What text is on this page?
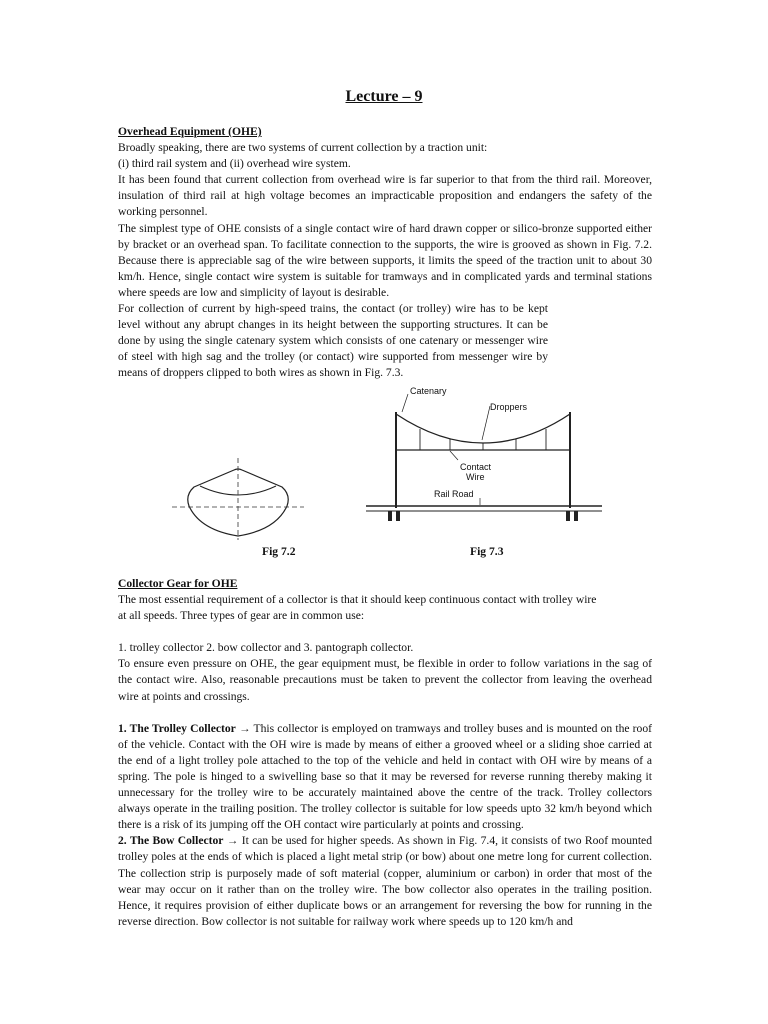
Lecture – 9

Overhead Equipment (OHE)

Broadly speaking, there are two systems of current collection by a traction unit:

(i) third rail system and (ii) overhead wire system.

It has been found that current collection from overhead wire is far superior to that from the third rail. Moreover, insulation of third rail at high voltage becomes an impracticable proposition and endangers the safety of the working personnel.

The simplest type of OHE consists of a single contact wire of hard drawn copper or silico-bronze supported either by bracket or an overhead span. To facilitate connection to the supports, the wire is grooved as shown in Fig. 7.2. Because there is appreciable sag of the wire between supports, it limits the speed of the traction unit to about 30 km/h. Hence, single contact wire system is suitable for tramways and in complicated yards and terminal stations where speeds are low and simplicity of layout is desirable.

For collection of current by high-speed trains, the contact (or trolley) wire has to be kept level without any abrupt changes in its height between the supporting structures. It can be done by using the single catenary system which consists of one catenary or messenger wire of steel with high sag and the trolley (or contact) wire supported from messenger wire by means of droppers clipped to both wires as shown in Fig. 7.3.

Catenary
Droppers
Contact
Wire
Rail Road
Fig 7.2	Fig 7.3

Collector Gear for OHE

The most essential requirement of a collector is that it should keep continuous contact with trolley wire

at all speeds. Three types of gear are in common use:

1. trolley collector 2. bow collector and 3. pantograph collector.

To ensure even pressure on OHE, the gear equipment must, be flexible in order to follow variations in the sag of the contact wire. Also, reasonable precautions must be taken to prevent the collector from leaving the overhead wire at points and crossings.

1. The Trolley Collector → This collector is employed on tramways and trolley buses and is mounted on the roof of the vehicle. Contact with the OH wire is made by means of either a grooved wheel or a sliding shoe carried at the end of a light trolley pole attached to the top of the vehicle and held in contact with OH wire by means of a spring. The pole is hinged to a swivelling base so that it may be reversed for reverse running thereby making it unnecessary for the trolley wire to be accurately maintained above the centre of the track. Trolley collectors always operate in the trailing position. The trolley collector is suitable for low speeds upto 32 km/h beyond which there is a risk of its jumping off the OH contact wire particularly at points and crossing.

2. The Bow Collector → It can be used for higher speeds. As shown in Fig. 7.4, it consists of two Roof mounted trolley poles at the ends of which is placed a light metal strip (or bow) about one metre long for current collection. The collection strip is purposely made of soft material (copper, aluminium or carbon) in order that most of the wear may occur on it rather than on the trolley wire. The bow collector also operates in the trailing position. Hence, it requires provision of either duplicate bows or an arrangement for reversing the bow for running in the reverse direction. Bow collector is not suitable for railway work where speeds up to 120 km/h and
